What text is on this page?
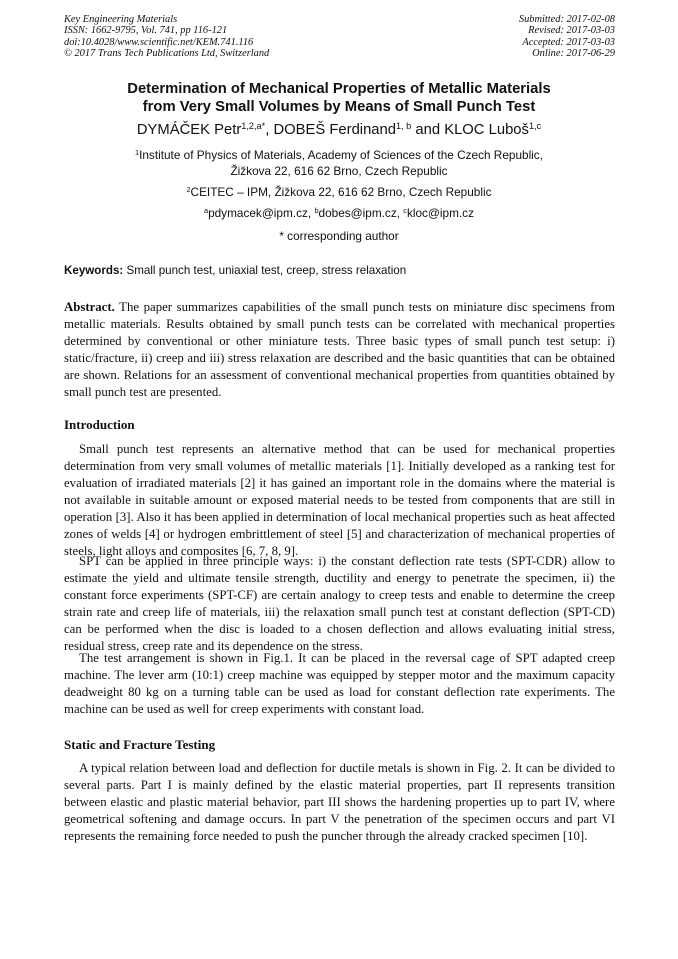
Key Engineering Materials
ISSN: 1662-9795, Vol. 741, pp 116-121
doi:10.4028/www.scientific.net/KEM.741.116
© 2017 Trans Tech Publications Ltd, Switzerland
Submitted: 2017-02-08
Revised: 2017-03-03
Accepted: 2017-03-03
Online: 2017-06-29
Determination of Mechanical Properties of Metallic Materials
from Very Small Volumes by Means of Small Punch Test
DYMÁČEK Petr$^{1,2,a*}$, DOBEŠ Ferdinand$^{1, b}$ and KLOC Luboš$^{1,c}$
$^1$Institute of Physics of Materials, Academy of Sciences of the Czech Republic,
Žižkova 22, 616 62 Brno, Czech Republic
$^2$CEITEC – IPM, Žižkova 22, 616 62 Brno, Czech Republic
$^a$pdymacek@ipm.cz, $^b$dobes@ipm.cz, $^c$kloc@ipm.cz
* corresponding author
Keywords: Small punch test, uniaxial test, creep, stress relaxation
Abstract. The paper summarizes capabilities of the small punch tests on miniature disc specimens from metallic materials. Results obtained by small punch tests can be correlated with mechanical properties determined by conventional or other miniature tests. Three basic types of small punch test setup: i) static/fracture, ii) creep and iii) stress relaxation are described and the basic quantities that can be obtained are shown. Relations for an assessment of conventional mechanical properties from quantities obtained by small punch test are presented.
Introduction

Small punch test represents an alternative method that can be used for mechanical properties determination from very small volumes of metallic materials [1]. Initially developed as a ranking test for evaluation of irradiated materials [2] it has gained an important role in the domains where the material is not available in suitable amount or exposed material needs to be tested from components that are still in operation [3]. Also it has been applied in determination of local mechanical properties such as heat affected zones of welds [4] or hydrogen embrittlement of steel [5] and characterization of mechanical properties of steels, light alloys and composites [6, 7, 8, 9].

SPT can be applied in three principle ways: i) the constant deflection rate tests (SPT-CDR) allow to estimate the yield and ultimate tensile strength, ductility and energy to penetrate the specimen, ii) the constant force experiments (SPT-CF) are certain analogy to creep tests and enable to determine the creep strain rate and creep life of materials, iii) the relaxation small punch test at constant deflection (SPT-CD) can be performed when the disc is loaded to a chosen deflection and allows evaluating initial stress, residual stress, creep rate and its dependence on the stress.

The test arrangement is shown in Fig.1. It can be placed in the reversal cage of SPT adapted creep machine. The lever arm (10:1) creep machine was equipped by stepper motor and the maximum capacity deadweight 80 kg on a turning table can be used as load for constant deflection rate experiments. The machine can be used as well for creep experiments with constant load.

Static and Fracture Testing

A typical relation between load and deflection for ductile metals is shown in Fig. 2. It can be divided to several parts. Part I is mainly defined by the elastic material properties, part II represents transition between elastic and plastic material behavior, part III shows the hardening properties up to part IV, where geometrical softening and damage occurs. In part V the penetration of the specimen occurs and part VI represents the remaining force needed to push the puncher through the already cracked specimen [10].
